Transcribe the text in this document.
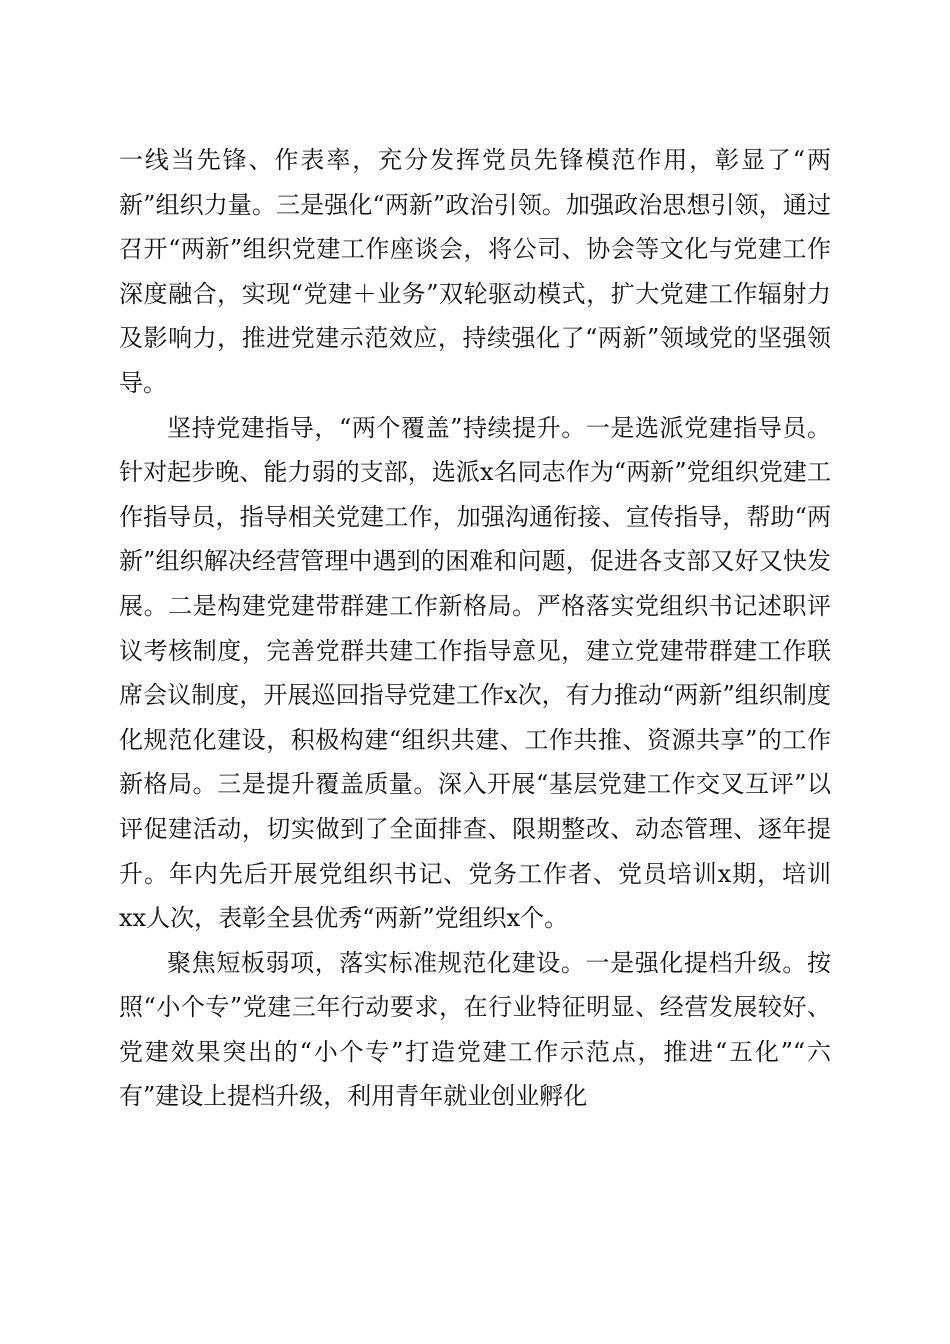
一线当先锋、作表率，充分发挥党员先锋模范作用，彰显了“两新”组织力量。三是强化“两新”政治引领。加强政治思想引领，通过召开“两新”组织党建工作座谈会，将公司、协会等文化与党建工作深度融合，实现“党建＋业务”双轮驱动模式，扩大党建工作辐射力及影响力，推进党建示范效应，持续强化了“两新”领域党的坚强领导。

坚持党建指导，“两个覆盖”持续提升。一是选派党建指导员。针对起步晚、能力弱的支部，选派x名同志作为“两新”党组织党建工作指导员，指导相关党建工作，加强沟通衔接、宣传指导，帮助“两新”组织解决经营管理中遇到的困难和问题，促进各支部又好又快发展。二是构建党建带群建工作新格局。严格落实党组织书记述职评议考核制度，完善党群共建工作指导意见，建立党建带群建工作联席会议制度，开展巡回指导党建工作x次，有力推动“两新”组织制度化规范化建设，积极构建“组织共建、工作共推、资源共享”的工作新格局。三是提升覆盖质量。深入开展“基层党建工作交叉互评”以评促建活动，切实做到了全面排查、限期整改、动态管理、逐年提升。年内先后开展党组织书记、党务工作者、党员培训x期，培训xx人次，表彰全县优秀“两新”党组织x个。

聚焦短板弱项，落实标准规范化建设。一是强化提档升级。按照“小个专”党建三年行动要求，在行业特征明显、经营发展较好、党建效果突出的“小个专”打造党建工作示范点，推进“五化”“六有”建设上提档升级，利用青年就业创业孵化
